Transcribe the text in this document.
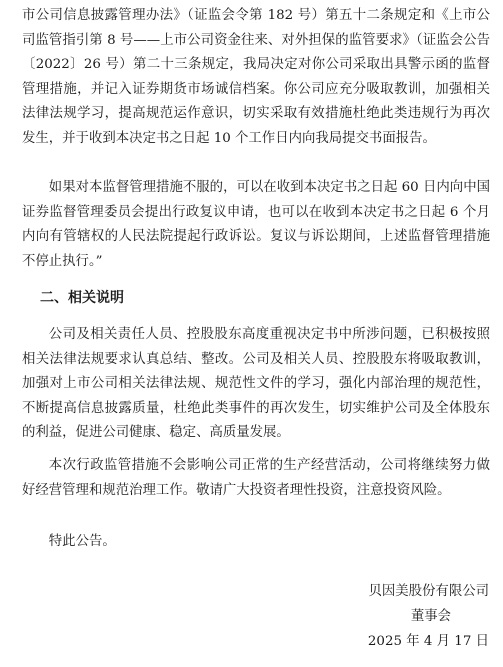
市公司信息披露管理办法》（证监会令第 182 号）第五十二条规定和《上市公司监管指引第 8 号——上市公司资金往来、对外担保的监管要求》（证监会公告〔2022〕26 号）第二十三条规定，我局决定对你公司采取出具警示函的监督管理措施，并记入证券期货市场诚信档案。你公司应充分吸取教训，加强相关法律法规学习，提高规范运作意识，切实采取有效措施杜绝此类违规行为再次发生，并于收到本决定书之日起 10 个工作日内向我局提交书面报告。

如果对本监督管理措施不服的，可以在收到本决定书之日起 60 日内向中国证券监督管理委员会提出行政复议申请，也可以在收到本决定书之日起 6 个月内向有管辖权的人民法院提起行政诉讼。复议与诉讼期间，上述监督管理措施不停止执行。”

二、相关说明

公司及相关责任人员、控股股东高度重视决定书中所涉问题，已积极按照相关法律法规要求认真总结、整改。公司及相关人员、控股股东将吸取教训，加强对上市公司相关法律法规、规范性文件的学习，强化内部治理的规范性，不断提高信息披露质量，杜绝此类事件的再次发生，切实维护公司及全体股东的利益，促进公司健康、稳定、高质量发展。

本次行政监管措施不会影响公司正常的生产经营活动，公司将继续努力做好经营管理和规范治理工作。敬请广大投资者理性投资，注意投资风险。

特此公告。

贝因美股份有限公司

董事会

2025 年 4 月 17 日
